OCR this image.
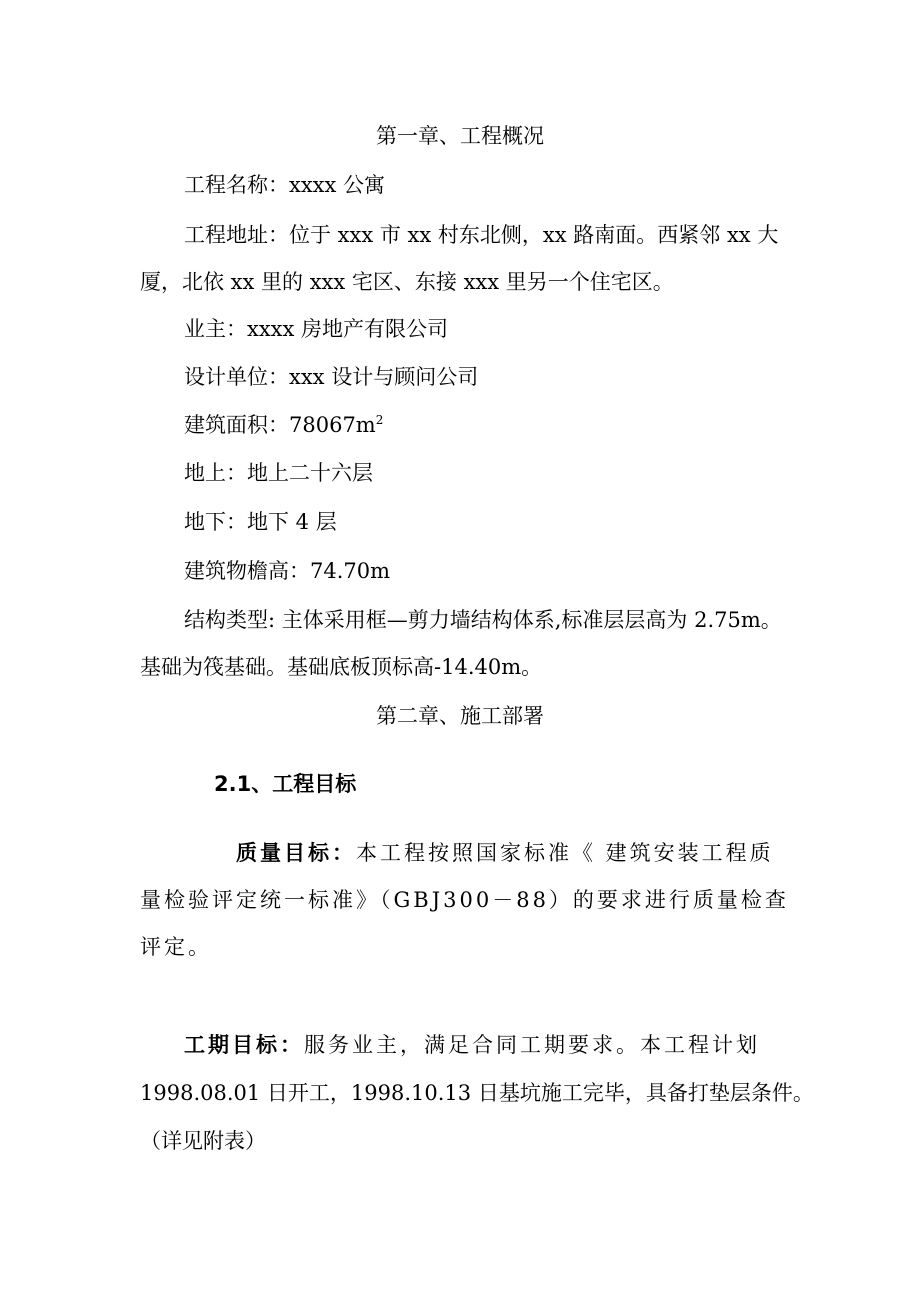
第一章、工程概况
工程名称：xxxx 公寓
工程地址：位于 xxx 市 xx 村东北侧，xx 路南面。西紧邻 xx 大
厦，北依 xx 里的 xxx 宅区、东接 xxx 里另一个住宅区。
业主：xxxx 房地产有限公司
设计单位：xxx 设计与顾问公司
建筑面积：$78067m^2$
地上：地上二十六层
地下：地下 4 层
建筑物檐高：74.70m
结构类型: 主体采用框—剪力墙结构体系,标准层层高为 2.75m。
基础为筏基础。基础底板顶标高-14.40m。
第二章、施工部署
2.1、工程目标
质量目标：本工程按照国家标准《 建筑安装工程质
量检验评定统一标准》（GBJ300－88）的要求进行质量检查
评定。
工期目标：服务业主，满足合同工期要求。本工程计划
1998.08.01 日开工，1998.10.13 日基坑施工完毕，具备打垫层条件。
（详见附表）
